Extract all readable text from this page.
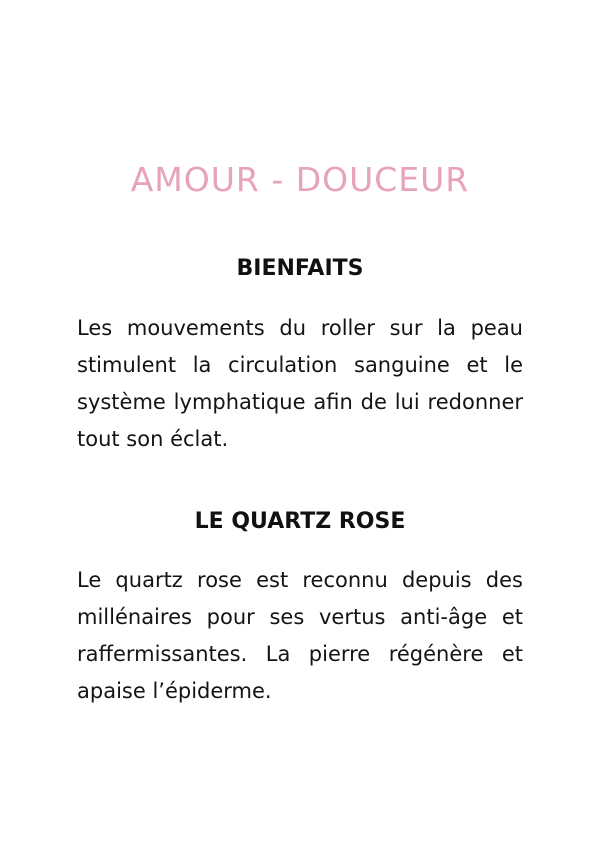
AMOUR - DOUCEUR
BIENFAITS

Les mouvements du roller sur la peau stimulent la circulation sanguine et le système lymphatique afin de lui redonner tout son éclat.

LE QUARTZ ROSE

Le quartz rose est reconnu depuis des millénaires pour ses vertus anti-âge et raffermissantes. La pierre régénère et apaise l’épiderme.
